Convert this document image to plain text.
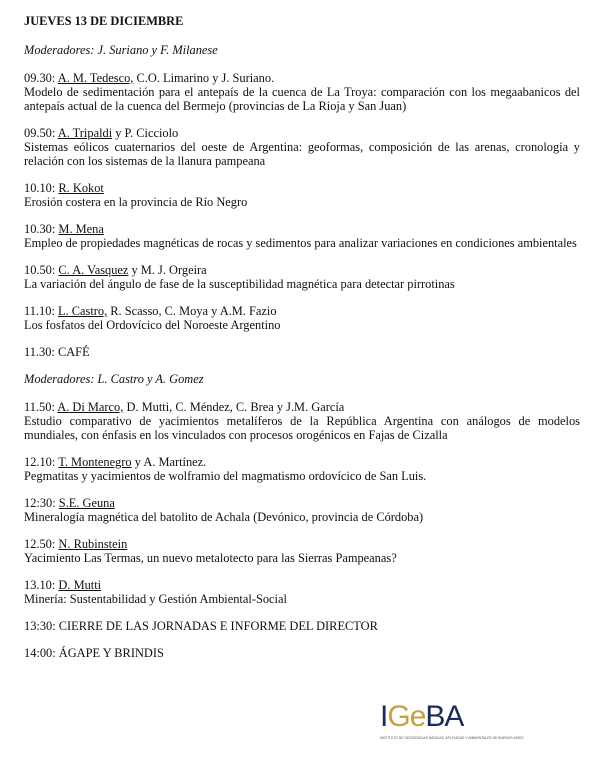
JUEVES 13 DE DICIEMBRE
Moderadores: J. Suriano y F. Milanese
09.30: A. M. Tedesco, C.O. Limarino y J. Suriano.
Modelo de sedimentación para el antepaís de la cuenca de La Troya: comparación con los megaabanicos del antepaís actual de la cuenca del Bermejo (provincias de La Rioja y San Juan)
09.50: A. Tripaldi y P. Cicciolo
Sistemas eólicos cuaternarios del oeste de Argentina: geoformas, composición de las arenas, cronología y relación con los sistemas de la llanura pampeana
10.10: R. Kokot
Erosión costera en la provincia de Río Negro
10.30: M. Mena
Empleo de propiedades magnéticas de rocas y sedimentos para analizar variaciones en condiciones ambientales
10.50: C. A. Vasquez y M. J. Orgeira
La variación del ángulo de fase de la susceptibilidad magnética para detectar pirrotinas
11.10: L. Castro, R. Scasso, C. Moya y A.M. Fazio
Los fosfatos del Ordovícico del Noroeste Argentino
11.30: CAFÉ
Moderadores: L. Castro y A. Gomez
11.50: A. Di Marco, D. Mutti, C. Méndez, C. Brea y J.M. García
Estudio comparativo de yacimientos metalíferos de la República Argentina con análogos de modelos mundiales, con énfasis en los vinculados con procesos orogénicos en Fajas de Cizalla
12.10: T. Montenegro y A. Martínez.
Pegmatitas y yacimientos de wolframio del magmatismo ordovícico de San Luis.
12:30: S.E. Geuna
Mineralogía magnética del batolito de Achala (Devónico, provincia de Córdoba)
12.50: N. Rubinstein
Yacimiento Las Termas, un nuevo metalotecto para las Sierras Pampeanas?
13.10: D. Mutti
Minería: Sustentabilidad y Gestión Ambiental-Social
13:30: CIERRE DE LAS JORNADAS E INFORME DEL DIRECTOR
14:00: ÁGAPE Y BRINDIS
IGeBA
INSTITUTO DE GEOCIENCIAS BÁSICAS, APLICADAS Y AMBIENTALES DE BUENOS AIRES
